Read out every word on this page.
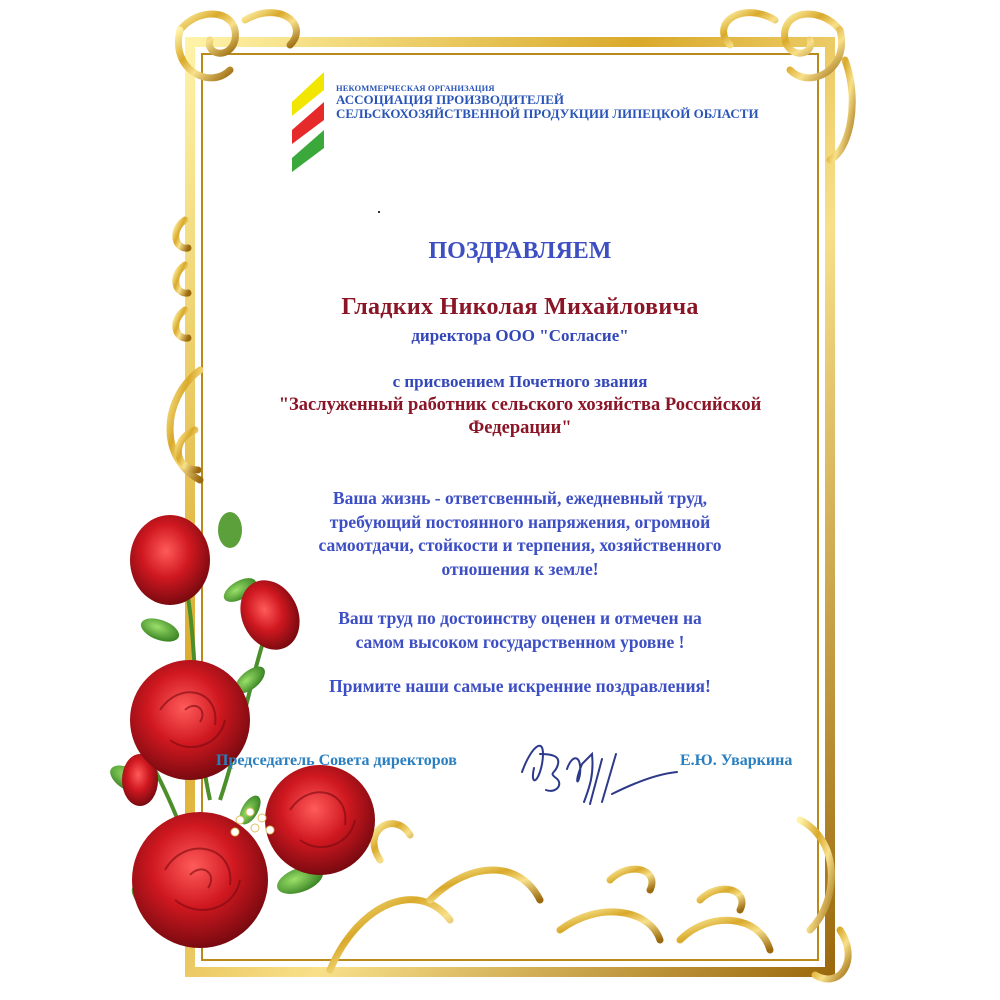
НЕКОММЕРЧЕСКАЯ ОРГАНИЗАЦИЯ
АССОЦИАЦИЯ ПРОИЗВОДИТЕЛЕЙ
СЕЛЬСКОХОЗЯЙСТВЕННОЙ ПРОДУКЦИИ ЛИПЕЦКОЙ ОБЛАСТИ
ПОЗДРАВЛЯЕМ
Гладких Николая Михайловича
директора ООО "Согласие"
с присвоением Почетного звания
"Заслуженный работник сельского хозяйства Российской
Федерации"
Ваша жизнь - ответсвенный, ежедневный труд,
требующий постоянного напряжения, огромной
самоотдачи, стойкости и терпения, хозяйственного
отношения к земле!
Ваш труд по достоинству оценен и отмечен на
самом высоком государственном уровне !
Примите наши самые искренние поздравления!
Председатель Совета директоров	Е.Ю. Уваркина
